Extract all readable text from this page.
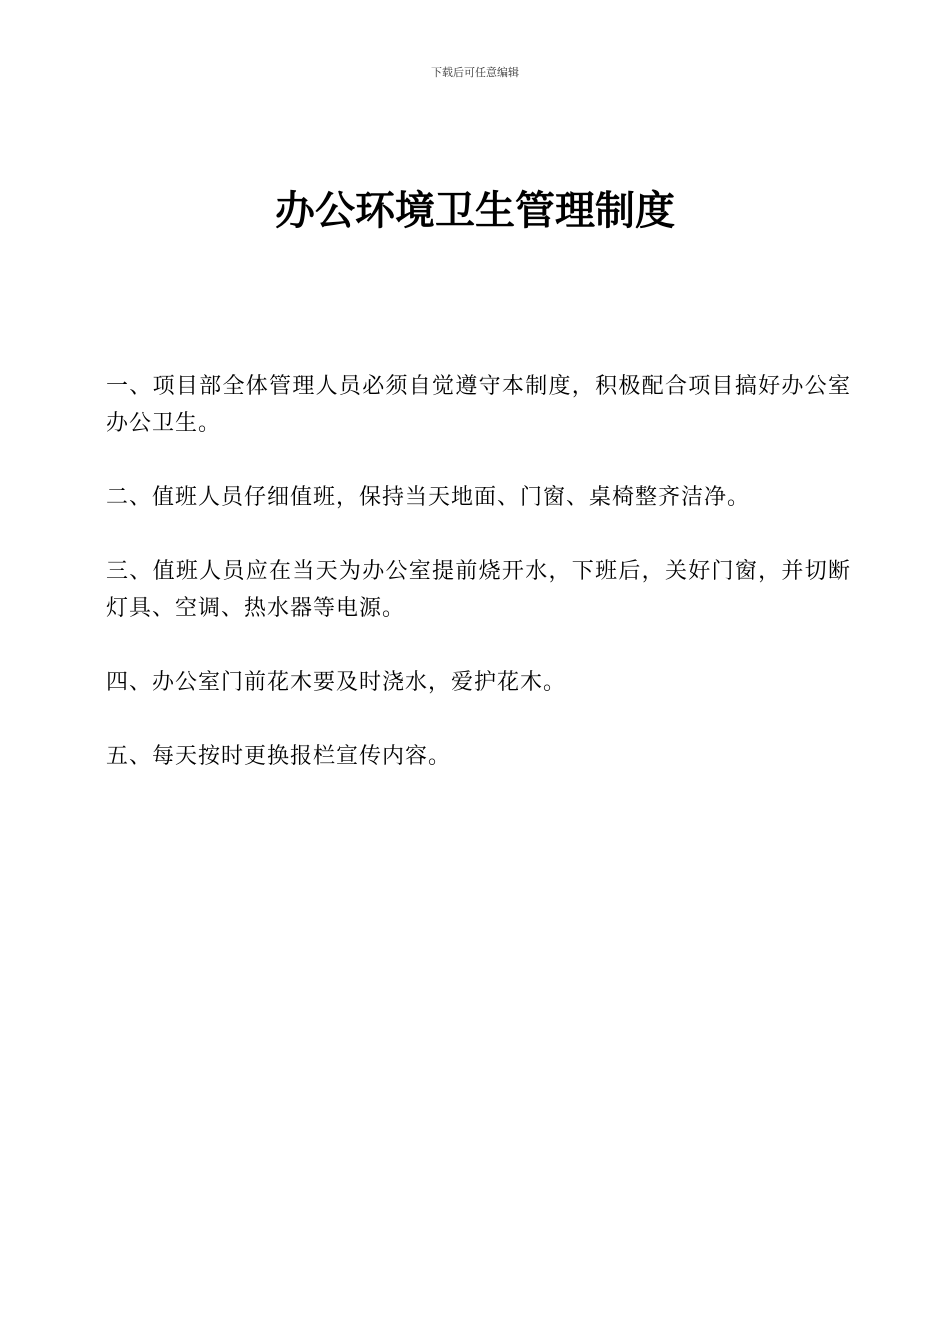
下载后可任意编辑
办公环境卫生管理制度

一、项目部全体管理人员必须自觉遵守本制度，积极配合项目搞好办公室办公卫生。

二、值班人员仔细值班，保持当天地面、门窗、桌椅整齐洁净。

三、值班人员应在当天为办公室提前烧开水，下班后，关好门窗，并切断灯具、空调、热水器等电源。

四、办公室门前花木要及时浇水，爱护花木。

五、每天按时更换报栏宣传内容。
